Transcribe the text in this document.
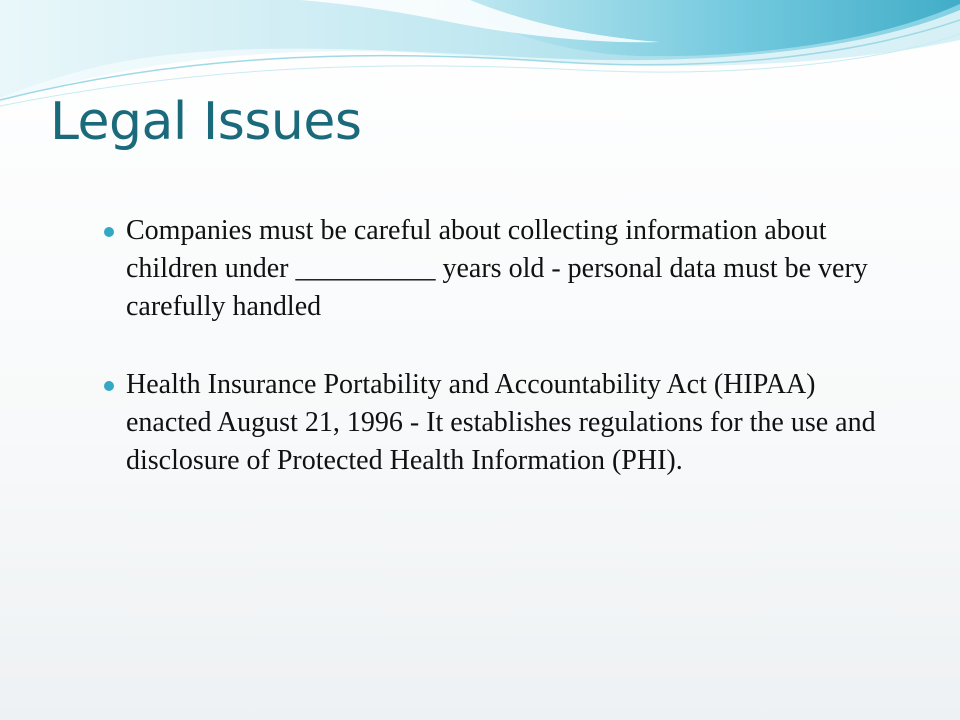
Legal Issues
Companies must be careful about collecting information about children under __________ years old - personal data must be very carefully handled
Health Insurance Portability and Accountability Act (HIPAA) enacted August 21, 1996 - It establishes regulations for the use and disclosure of Protected Health Information (PHI).
